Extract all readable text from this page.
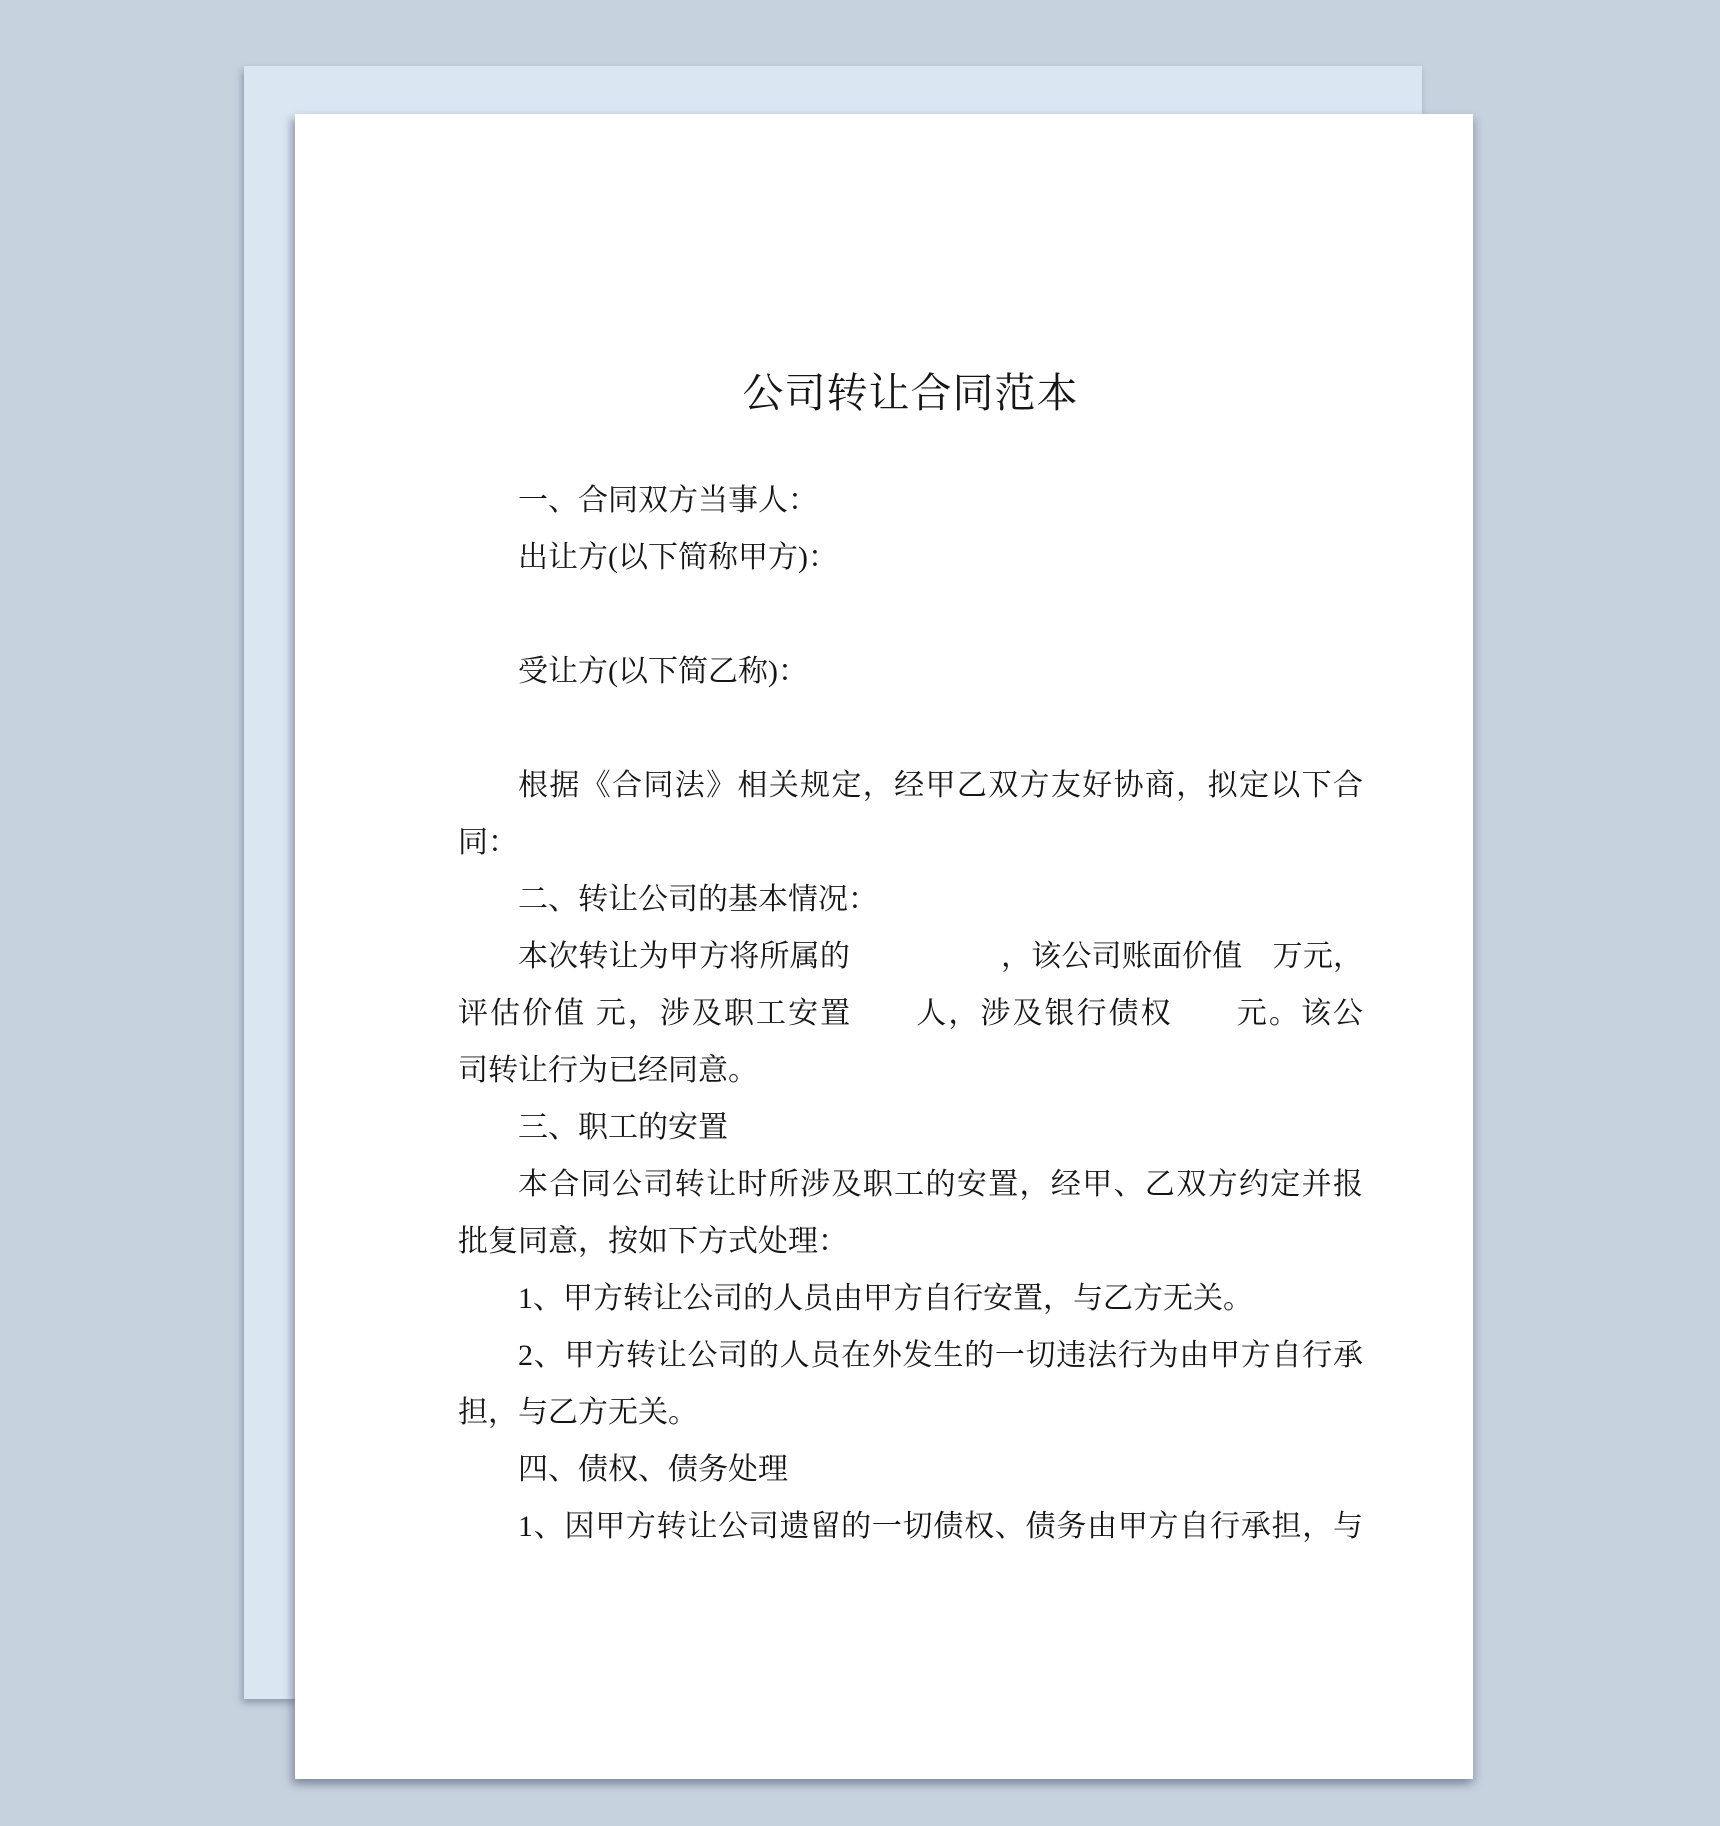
公司转让合同范本
一、合同双方当事人：
出让方(以下简称甲方)：

受让方(以下简乙称)：

根据《合同法》相关规定，经甲乙双方友好协商，拟定以下合
同：
二、转让公司的基本情况：
本次转让为甲方将所属的　　　　　，该公司账面价值　万元，
评估价值 元，涉及职工安置　　人，涉及银行债权　　元。该公
司转让行为已经同意。
三、职工的安置
本合同公司转让时所涉及职工的安置，经甲、乙双方约定并报
批复同意，按如下方式处理：
1、甲方转让公司的人员由甲方自行安置，与乙方无关。
2、甲方转让公司的人员在外发生的一切违法行为由甲方自行承
担，与乙方无关。
四、债权、债务处理
1、因甲方转让公司遗留的一切债权、债务由甲方自行承担，与
